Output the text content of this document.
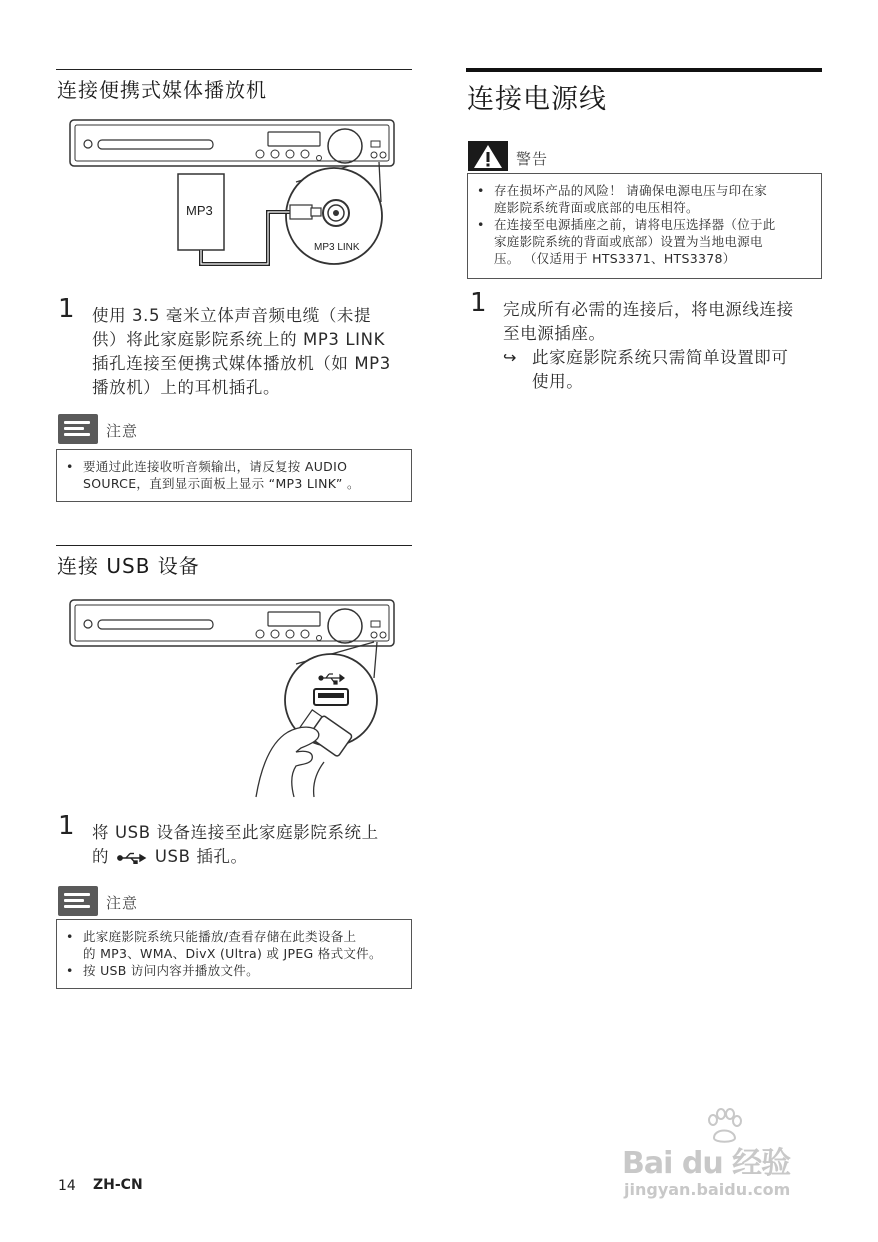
连接便携式媒体播放机
MP3
MP3 LINK
1 使用 3.5 毫米立体声音频电缆（未提
供）将此家庭影院系统上的 MP3 LINK
插孔连接至便携式媒体播放机（如 MP3
播放机）上的耳机插孔。
注意
• 要通过此连接收听音频输出，请反复按 AUDIO
SOURCE，直到显示面板上显示 “MP3 LINK” 。
连接 USB 设备
1 将 USB 设备连接至此家庭影院系统上
的	USB 插孔。
注意
• 此家庭影院系统只能播放/查看存储在此类设备上
的 MP3、WMA、DivX (Ultra) 或 JPEG 格式文件。
• 按 USB 访问内容并播放文件。
连接电源线
警告
• 存在损坏产品的风险！ 请确保电源电压与印在家
庭影院系统背面或底部的电压相符。
• 在连接至电源插座之前，请将电压选择器（位于此
家庭影院系统的背面或底部）设置为当地电源电
压。 （仅适用于 HTS3371、HTS3378）
1 完成所有必需的连接后，将电源线连接
至电源插座。
↪ 此家庭影院系统只需简单设置即可
使用。
14 ZH-CN
Bai du 经验
jingyan.baidu.com
